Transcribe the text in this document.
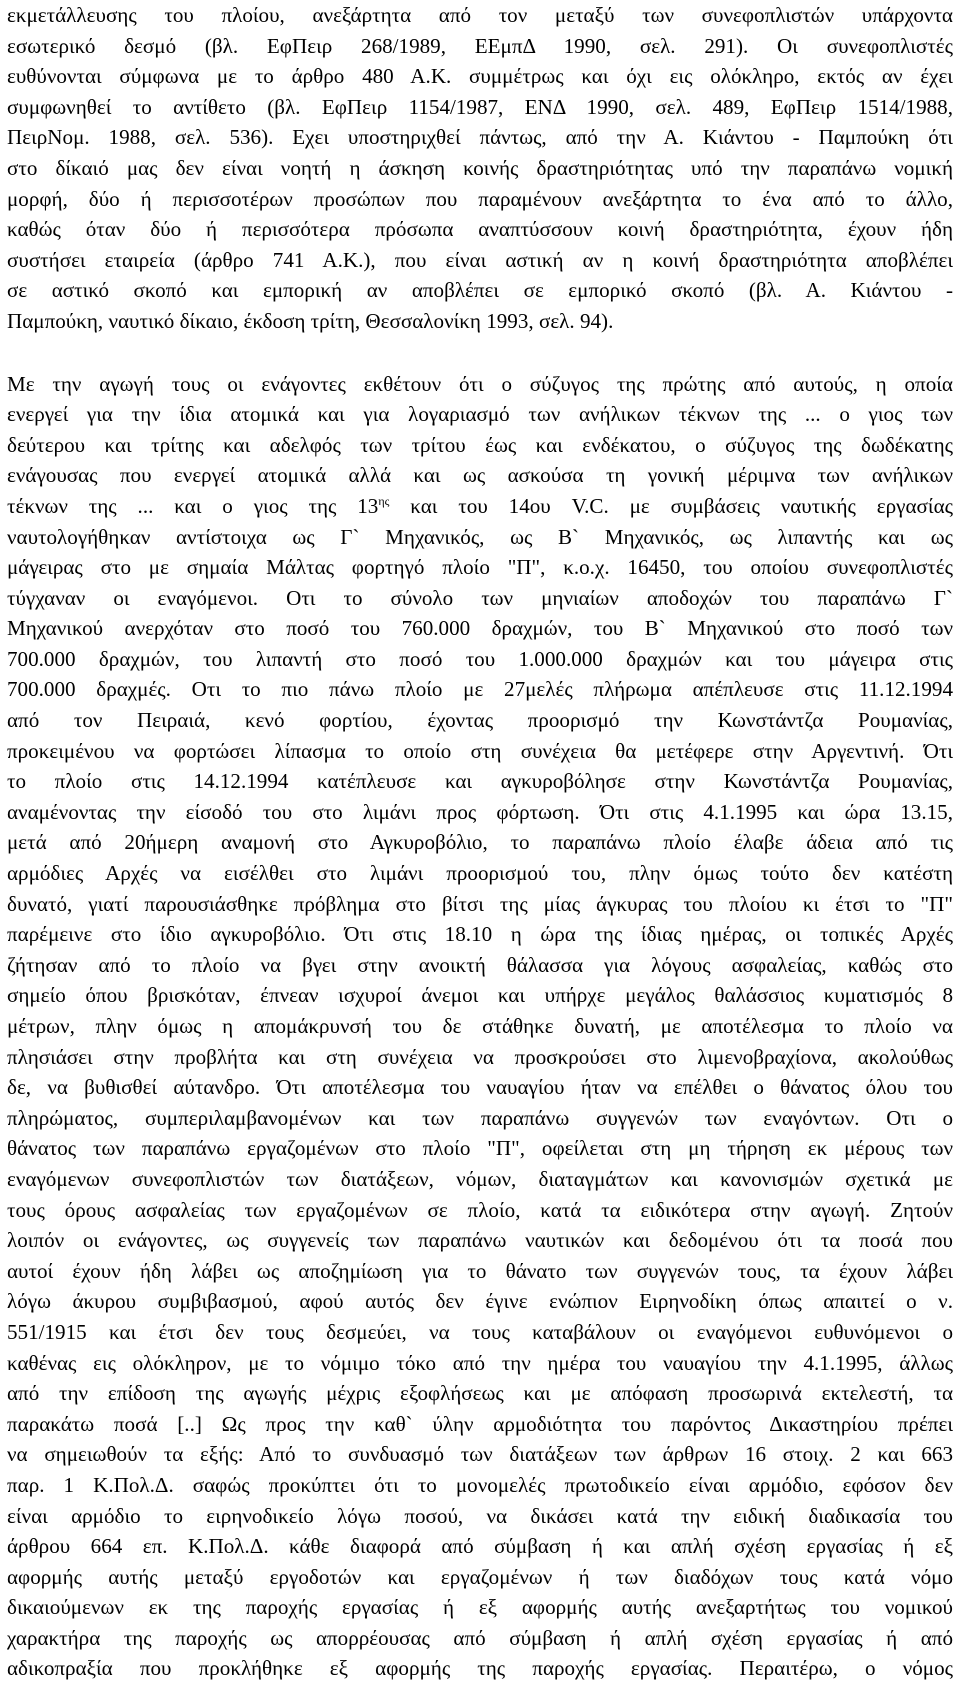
εκμετάλλευσης του πλοίου, ανεξάρτητα από τον μεταξύ των συνεφοπλιστών υπάρχοντα
εσωτερικό δεσμό (βλ. ΕφΠειρ 268/1989, ΕΕμπΔ 1990, σελ. 291). Οι συνεφοπλιστές
ευθύνονται σύμφωνα με το άρθρο 480 Α.Κ. συμμέτρως και όχι εις ολόκληρο, εκτός αν έχει
συμφωνηθεί το αντίθετο (βλ. ΕφΠειρ 1154/1987, ΕΝΔ 1990, σελ. 489, ΕφΠειρ 1514/1988,
ΠειρΝομ. 1988, σελ. 536). Εχει υποστηριχθεί πάντως, από την Α. Κιάντου - Παμπούκη ότι
στο δίκαιό μας δεν είναι νοητή η άσκηση κοινής δραστηριότητας υπό την παραπάνω νομική
μορφή, δύο ή περισσοτέρων προσώπων που παραμένουν ανεξάρτητα το ένα από το άλλο,
καθώς όταν δύο ή περισσότερα πρόσωπα αναπτύσσουν κοινή δραστηριότητα, έχουν ήδη
συστήσει εταιρεία (άρθρο 741 Α.Κ.), που είναι αστική αν η κοινή δραστηριότητα αποβλέπει
σε αστικό σκοπό και εμπορική αν αποβλέπει σε εμπορικό σκοπό (βλ. Α. Κιάντου -
Παμπούκη, ναυτικό δίκαιο, έκδοση τρίτη, Θεσσαλονίκη 1993, σελ. 94).
Με την αγωγή τους οι ενάγοντες εκθέτουν ότι ο σύζυγος της πρώτης από αυτούς, η οποία
ενεργεί για την ίδια ατομικά και για λογαριασμό των ανήλικων τέκνων της ... ο γιος των
δεύτερου και τρίτης και αδελφός των τρίτου έως και ενδέκατου, ο σύζυγος της δωδέκατης
ενάγουσας που ενεργεί ατομικά αλλά και ως ασκούσα τη γονική μέριμνα των ανήλικων
τέκνων της ... και ο γιος της $13^{\eta\varsigma}$ και του 14ου V.C. με συμβάσεις ναυτικής εργασίας
ναυτολογήθηκαν αντίστοιχα ως Γ` Μηχανικός, ως Β` Μηχανικός, ως λιπαντής και ως
μάγειρας στο με σημαία Μάλτας φορτηγό πλοίο "Π", κ.ο.χ. 16450, του οποίου συνεφοπλιστές
τύγχαναν οι εναγόμενοι. Οτι το σύνολο των μηνιαίων αποδοχών του παραπάνω Γ`
Μηχανικού ανερχόταν στο ποσό του 760.000 δραχμών, του Β` Μηχανικού στο ποσό των
700.000 δραχμών, του λιπαντή στο ποσό του 1.000.000 δραχμών και του μάγειρα στις
700.000 δραχμές. Οτι το πιο πάνω πλοίο με 27μελές πλήρωμα απέπλευσε στις 11.12.1994
από τον Πειραιά, κενό φορτίου, έχοντας προορισμό την Κωνστάντζα Ρουμανίας,
προκειμένου να φορτώσει λίπασμα το οποίο στη συνέχεια θα μετέφερε στην Αργεντινή. Ότι
το πλοίο στις 14.12.1994 κατέπλευσε και αγκυροβόλησε στην Κωνστάντζα Ρουμανίας,
αναμένοντας την είσοδό του στο λιμάνι προς φόρτωση. Ότι στις 4.1.1995 και ώρα 13.15,
μετά από 20ήμερη αναμονή στο Αγκυροβόλιο, το παραπάνω πλοίο έλαβε άδεια από τις
αρμόδιες Αρχές να εισέλθει στο λιμάνι προορισμού του, πλην όμως τούτο δεν κατέστη
δυνατό, γιατί παρουσιάσθηκε πρόβλημα στο βίτσι της μίας άγκυρας του πλοίου κι έτσι το "Π"
παρέμεινε στο ίδιο αγκυροβόλιο. Ότι στις 18.10 η ώρα της ίδιας ημέρας, οι τοπικές Αρχές
ζήτησαν από το πλοίο να βγει στην ανοικτή θάλασσα για λόγους ασφαλείας, καθώς στο
σημείο όπου βρισκόταν, έπνεαν ισχυροί άνεμοι και υπήρχε μεγάλος θαλάσσιος κυματισμός 8
μέτρων, πλην όμως η απομάκρυνσή του δε στάθηκε δυνατή, με αποτέλεσμα το πλοίο να
πλησιάσει στην προβλήτα και στη συνέχεια να προσκρούσει στο λιμενοβραχίονα, ακολούθως
δε, να βυθισθεί αύτανδρο. Ότι αποτέλεσμα του ναυαγίου ήταν να επέλθει ο θάνατος όλου του
πληρώματος, συμπεριλαμβανομένων και των παραπάνω συγγενών των εναγόντων. Οτι ο
θάνατος των παραπάνω εργαζομένων στο πλοίο "Π", οφείλεται στη μη τήρηση εκ μέρους των
εναγόμενων συνεφοπλιστών των διατάξεων, νόμων, διαταγμάτων και κανονισμών σχετικά με
τους όρους ασφαλείας των εργαζομένων σε πλοίο, κατά τα ειδικότερα στην αγωγή. Ζητούν
λοιπόν οι ενάγοντες, ως συγγενείς των παραπάνω ναυτικών και δεδομένου ότι τα ποσά που
αυτοί έχουν ήδη λάβει ως αποζημίωση για το θάνατο των συγγενών τους, τα έχουν λάβει
λόγω άκυρου συμβιβασμού, αφού αυτός δεν έγινε ενώπιον Ειρηνοδίκη όπως απαιτεί ο ν.
551/1915 και έτσι δεν τους δεσμεύει, να τους καταβάλουν οι εναγόμενοι ευθυνόμενοι ο
καθένας εις ολόκληρον, με το νόμιμο τόκο από την ημέρα του ναυαγίου την 4.1.1995, άλλως
από την επίδοση της αγωγής μέχρις εξοφλήσεως και με απόφαση προσωρινά εκτελεστή, τα
παρακάτω ποσά [..] Ως προς την καθ` ύλην αρμοδιότητα του παρόντος Δικαστηρίου πρέπει
να σημειωθούν τα εξής: Από το συνδυασμό των διατάξεων των άρθρων 16 στοιχ. 2 και 663
παρ. 1 Κ.Πολ.Δ. σαφώς προκύπτει ότι το μονομελές πρωτοδικείο είναι αρμόδιο, εφόσον δεν
είναι αρμόδιο το ειρηνοδικείο λόγω ποσού, να δικάσει κατά την ειδική διαδικασία του
άρθρου 664 επ. Κ.Πολ.Δ. κάθε διαφορά από σύμβαση ή και απλή σχέση εργασίας ή εξ
αφορμής αυτής μεταξύ εργοδοτών και εργαζομένων ή των διαδόχων τους κατά νόμο
δικαιούμενων εκ της παροχής εργασίας ή εξ αφορμής αυτής ανεξαρτήτως του νομικού
χαρακτήρα της παροχής ως απορρέουσας από σύμβαση ή απλή σχέση εργασίας ή από
αδικοπραξία που προκλήθηκε εξ αφορμής της παροχής εργασίας. Περαιτέρω, ο νόμος
